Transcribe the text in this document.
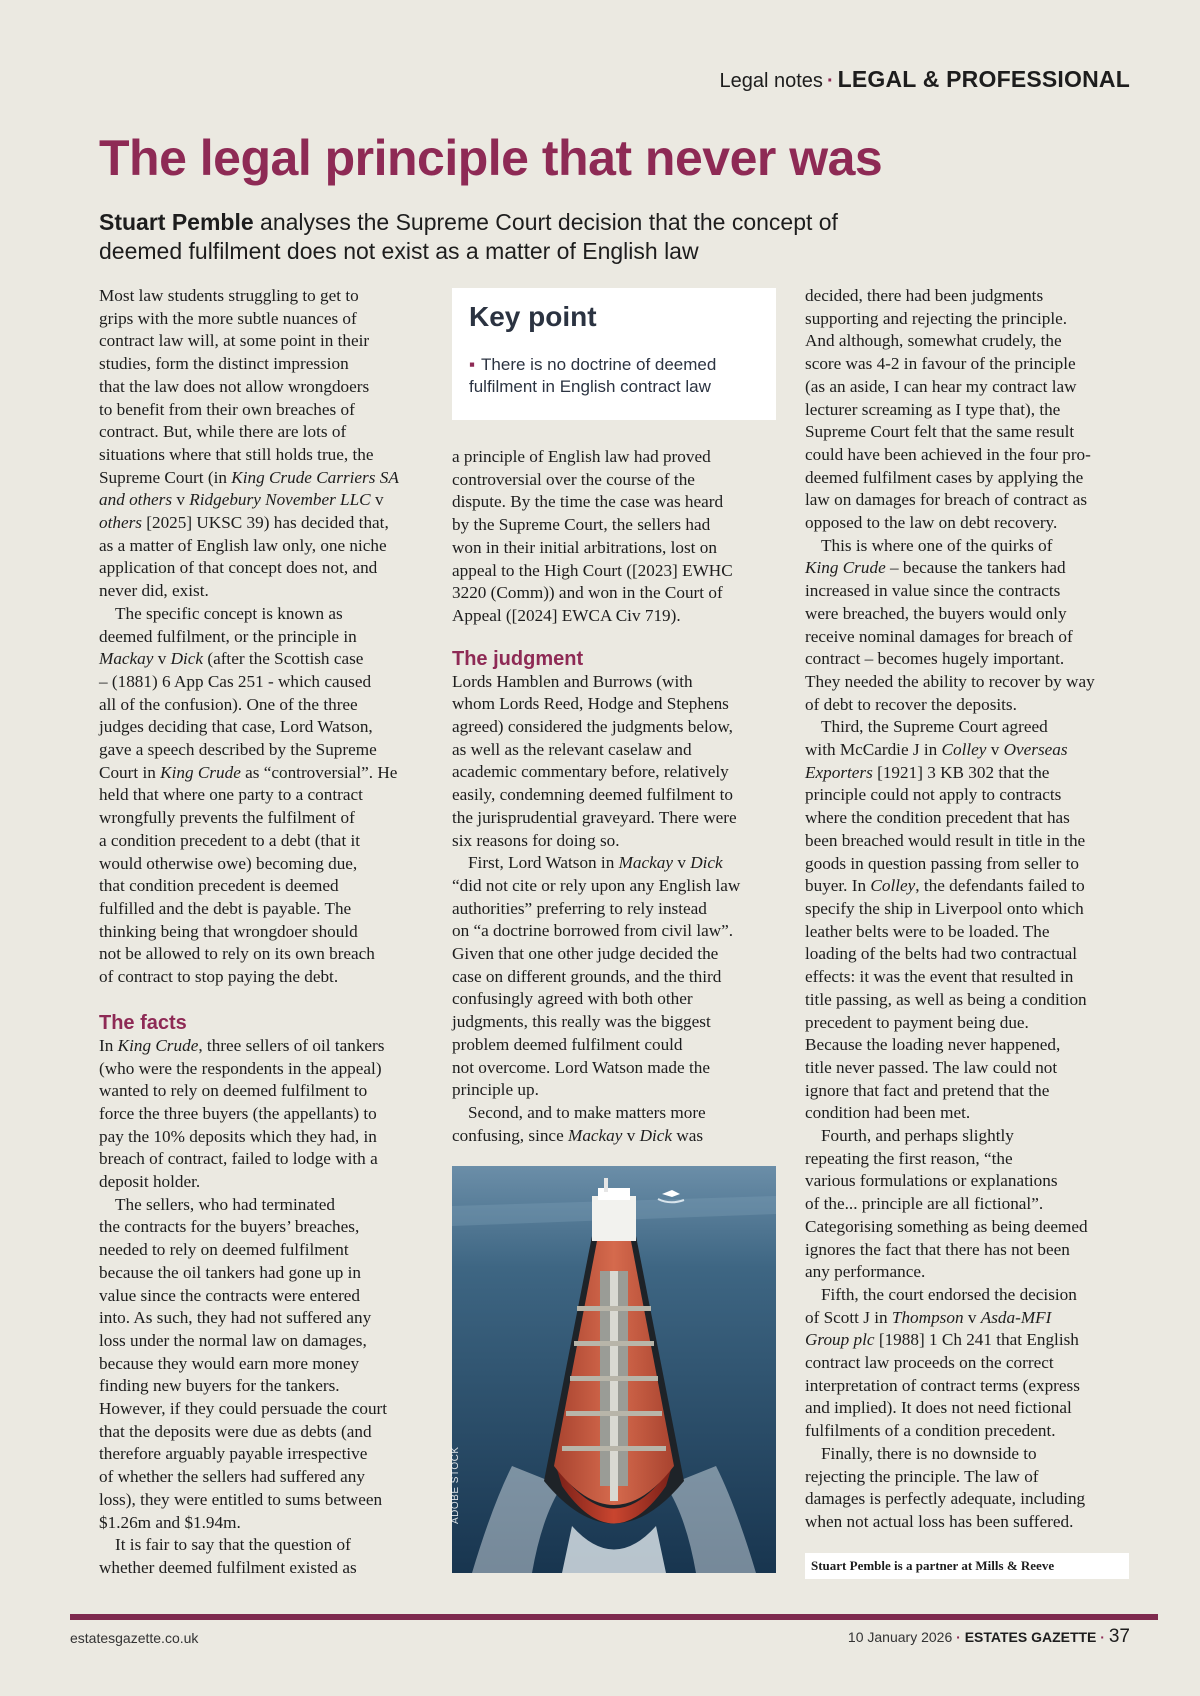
Legal notes · LEGAL & PROFESSIONAL
The legal principle that never was

Stuart Pemble analyses the Supreme Court decision that the concept of deemed fulfilment does not exist as a matter of English law

Most law students struggling to get to
grips with the more subtle nuances of
contract law will, at some point in their
studies, form the distinct impression
that the law does not allow wrongdoers
to benefit from their own breaches of
contract. But, while there are lots of
situations where that still holds true, the
Supreme Court (in King Crude Carriers SA
and others v Ridgebury November LLC v
others [2025] UKSC 39) has decided that,
as a matter of English law only, one niche
application of that concept does not, and
never did, exist.

The specific concept is known as
deemed fulfilment, or the principle in
Mackay v Dick (after the Scottish case
– (1881) 6 App Cas 251 - which caused
all of the confusion). One of the three
judges deciding that case, Lord Watson,
gave a speech described by the Supreme
Court in King Crude as “controversial”. He
held that where one party to a contract
wrongfully prevents the fulfilment of
a condition precedent to a debt (that it
would otherwise owe) becoming due,
that condition precedent is deemed
fulfilled and the debt is payable. The
thinking being that wrongdoer should
not be allowed to rely on its own breach
of contract to stop paying the debt.

The facts

In King Crude, three sellers of oil tankers
(who were the respondents in the appeal)
wanted to rely on deemed fulfilment to
force the three buyers (the appellants) to
pay the 10% deposits which they had, in
breach of contract, failed to lodge with a
deposit holder.

The sellers, who had terminated
the contracts for the buyers’ breaches,
needed to rely on deemed fulfilment
because the oil tankers had gone up in
value since the contracts were entered
into. As such, they had not suffered any
loss under the normal law on damages,
because they would earn more money
finding new buyers for the tankers.
However, if they could persuade the court
that the deposits were due as debts (and
therefore arguably payable irrespective
of whether the sellers had suffered any
loss), they were entitled to sums between
$1.26m and $1.94m.

It is fair to say that the question of
whether deemed fulfilment existed as

Key point
▪ There is no doctrine of deemed fulfilment in English contract law

a principle of English law had proved
controversial over the course of the
dispute. By the time the case was heard
by the Supreme Court, the sellers had
won in their initial arbitrations, lost on
appeal to the High Court ([2023] EWHC
3220 (Comm)) and won in the Court of
Appeal ([2024] EWCA Civ 719).

The judgment

Lords Hamblen and Burrows (with
whom Lords Reed, Hodge and Stephens
agreed) considered the judgments below,
as well as the relevant caselaw and
academic commentary before, relatively
easily, condemning deemed fulfilment to
the jurisprudential graveyard. There were
six reasons for doing so.

First, Lord Watson in Mackay v Dick
“did not cite or rely upon any English law
authorities” preferring to rely instead
on “a doctrine borrowed from civil law”.
Given that one other judge decided the
case on different grounds, and the third
confusingly agreed with both other
judgments, this really was the biggest
problem deemed fulfilment could
not overcome. Lord Watson made the
principle up.

Second, and to make matters more
confusing, since Mackay v Dick was

ADOBE STOCK

decided, there had been judgments
supporting and rejecting the principle.
And although, somewhat crudely, the
score was 4-2 in favour of the principle
(as an aside, I can hear my contract law
lecturer screaming as I type that), the
Supreme Court felt that the same result
could have been achieved in the four pro-
deemed fulfilment cases by applying the
law on damages for breach of contract as
opposed to the law on debt recovery.

This is where one of the quirks of
King Crude – because the tankers had
increased in value since the contracts
were breached, the buyers would only
receive nominal damages for breach of
contract – becomes hugely important.
They needed the ability to recover by way
of debt to recover the deposits.

Third, the Supreme Court agreed
with McCardie J in Colley v Overseas
Exporters [1921] 3 KB 302 that the
principle could not apply to contracts
where the condition precedent that has
been breached would result in title in the
goods in question passing from seller to
buyer. In Colley, the defendants failed to
specify the ship in Liverpool onto which
leather belts were to be loaded. The
loading of the belts had two contractual
effects: it was the event that resulted in
title passing, as well as being a condition
precedent to payment being due.
Because the loading never happened,
title never passed. The law could not
ignore that fact and pretend that the
condition had been met.

Fourth, and perhaps slightly
repeating the first reason, “the
various formulations or explanations
of the... principle are all fictional”.
Categorising something as being deemed
ignores the fact that there has not been
any performance.

Fifth, the court endorsed the decision
of Scott J in Thompson v Asda-MFI
Group plc [1988] 1 Ch 241 that English
contract law proceeds on the correct
interpretation of contract terms (express
and implied). It does not need fictional
fulfilments of a condition precedent.

Finally, there is no downside to
rejecting the principle. The law of
damages is perfectly adequate, including
when not actual loss has been suffered.

Stuart Pemble is a partner at Mills & Reeve
estatesgazette.co.uk	10 January 2026 · ESTATES GAZETTE · 37
